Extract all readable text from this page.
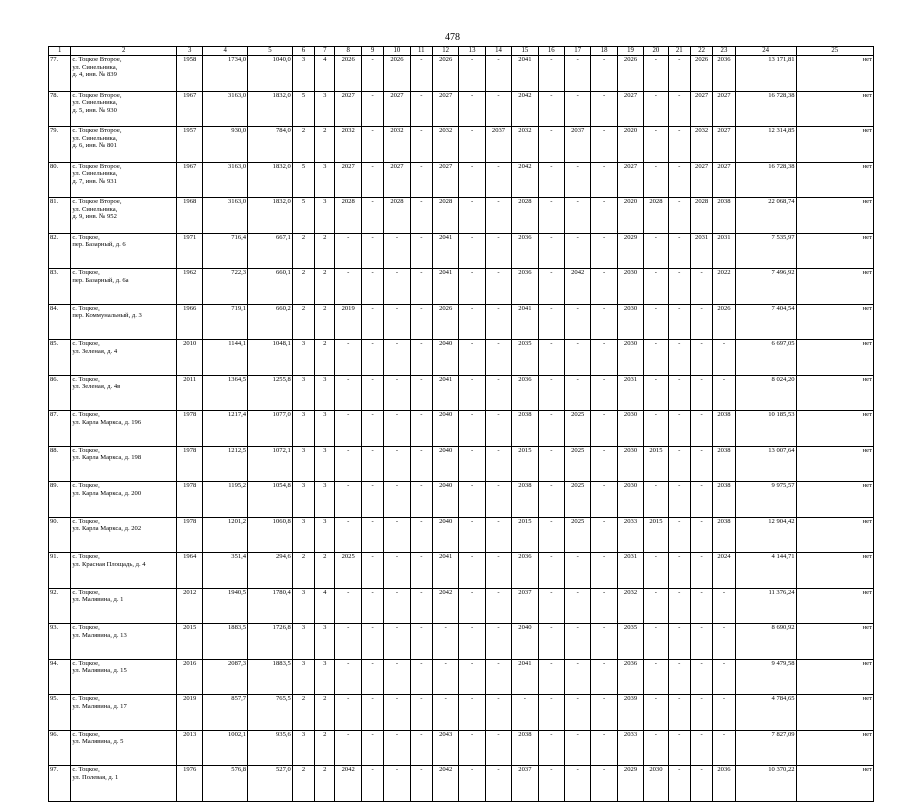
478
1	2	3	4	5	6	7	8	9	10	11	12	13	14	15	16	17	18	19	20	21	22	23	24	25
77.	с. Тоцкое Второе,
ул. Синельника,
д. 4, инв. № 839	1958	1734,0	1040,0	3	4	2026	-	2026	-	2026	-	-	2041	-	-	-	2026	-	-	2026	2036	13 171,81	нет
78.	с. Тоцкое Второе,
ул. Синельника,
д. 5, инв. № 930	1967	3163,0	1832,0	5	3	2027	-	2027	-	2027	-	-	2042	-	-	-	2027	-	-	2027	2027	16 728,38	нет
79.	с. Тоцкое Второе,
ул. Синельника,
д. 6, инв. № 801	1957	930,0	784,0	2	2	2032	-	2032	-	2032	-	2037	2032	-	2037	-	2020	-	-	2032	2027	12 314,85	нет
80.	с. Тоцкое Второе,
ул. Синельника,
д. 7, инв. № 931	1967	3163,0	1832,0	5	3	2027	-	2027	-	2027	-	-	2042	-	-	-	2027	-	-	2027	2027	16 728,38	нет
81.	с. Тоцкое Второе,
ул. Синельника,
д. 9, инв. № 952	1968	3163,0	1832,0	5	3	2028	-	2028	-	2028	-	-	2028	-	-	-	2020	2028	-	2028	2038	22 068,74	нет
82.	с. Тоцкое,
пер. Базарный, д. 6	1971	716,4	667,1	2	2	-	-	-	-	2041	-	-	2036	-	-	-	2029	-	-	2031	2031	7 535,97	нет
83.	с. Тоцкое,
пер. Базарный, д. 6а	1962	722,3	660,1	2	2	-	-	-	-	2041	-	-	2036	-	2042	-	2030	-	-	-	2022	7 496,92	нет
84.	с. Тоцкое,
пер. Коммунальный, д. 3	1966	719,1	660,2	2	2	2019	-	-	-	2026	-	-	2041	-	-	-	2030	-	-	-	2026	7 404,54	нет
85.	с. Тоцкое,
ул. Зеленая, д. 4	2010	1144,1	1048,1	3	2	-	-	-	-	2040	-	-	2035	-	-	-	2030	-	-	-	-	6 697,05	нет
86.	с. Тоцкое,
ул. Зеленая, д. 4в	2011	1364,5	1255,8	3	3	-	-	-	-	2041	-	-	2036	-	-	-	2031	-	-	-	-	8 024,20	нет
87.	с. Тоцкое,
ул. Карла Маркса, д. 196	1978	1217,4	1077,0	3	3	-	-	-	-	2040	-	-	2038	-	2025	-	2030	-	-	-	2038	10 185,53	нет
88.	с. Тоцкое,
ул. Карла Маркса, д. 198	1978	1212,5	1072,1	3	3	-	-	-	-	2040	-	-	2015	-	2025	-	2030	2015	-	-	2038	13 007,64	нет
89.	с. Тоцкое,
ул. Карла Маркса, д. 200	1978	1195,2	1054,8	3	3	-	-	-	-	2040	-	-	2038	-	2025	-	2030	-	-	-	2038	9 975,57	нет
90.	с. Тоцкое,
ул. Карла Маркса, д. 202	1978	1201,2	1060,8	3	3	-	-	-	-	2040	-	-	2015	-	2025	-	2033	2015	-	-	2038	12 904,42	нет
91.	с. Тоцкое,
ул. Красная Площадь, д. 4	1964	351,4	294,6	2	2	2025	-	-	-	2041	-	-	2036	-	-	-	2031	-	-	-	2024	4 144,71	нет
92.	с. Тоцкое,
ул. Малявина, д. 1	2012	1940,5	1780,4	3	4	-	-	-	-	2042	-	-	2037	-	-	-	2032	-	-	-	-	11 376,24	нет
93.	с. Тоцкое,
ул. Малявина, д. 13	2015	1883,5	1726,8	3	3	-	-	-	-	-	-	-	2040	-	-	-	2035	-	-	-	-	8 690,92	нет
94.	с. Тоцкое,
ул. Малявина, д. 15	2016	2087,3	1883,5	3	3	-	-	-	-	-	-	-	2041	-	-	-	2036	-	-	-	-	9 479,58	нет
95.	с. Тоцкое,
ул. Малявина, д. 17	2019	857,7	765,5	2	2	-	-	-	-	-	-	-	-	-	-	-	2039	-	-	-	-	4 784,65	нет
96.	с. Тоцкое,
ул. Малявина, д. 5	2013	1002,1	935,6	3	2	-	-	-	-	2043	-	-	2038	-	-	-	2033	-	-	-	-	7 827,09	нет
97.	с. Тоцкое,
ул. Полевая, д. 1	1976	576,8	527,0	2	2	2042	-	-	-	2042	-	-	2037	-	-	-	2029	2030	-	-	2036	10 370,22	нет
